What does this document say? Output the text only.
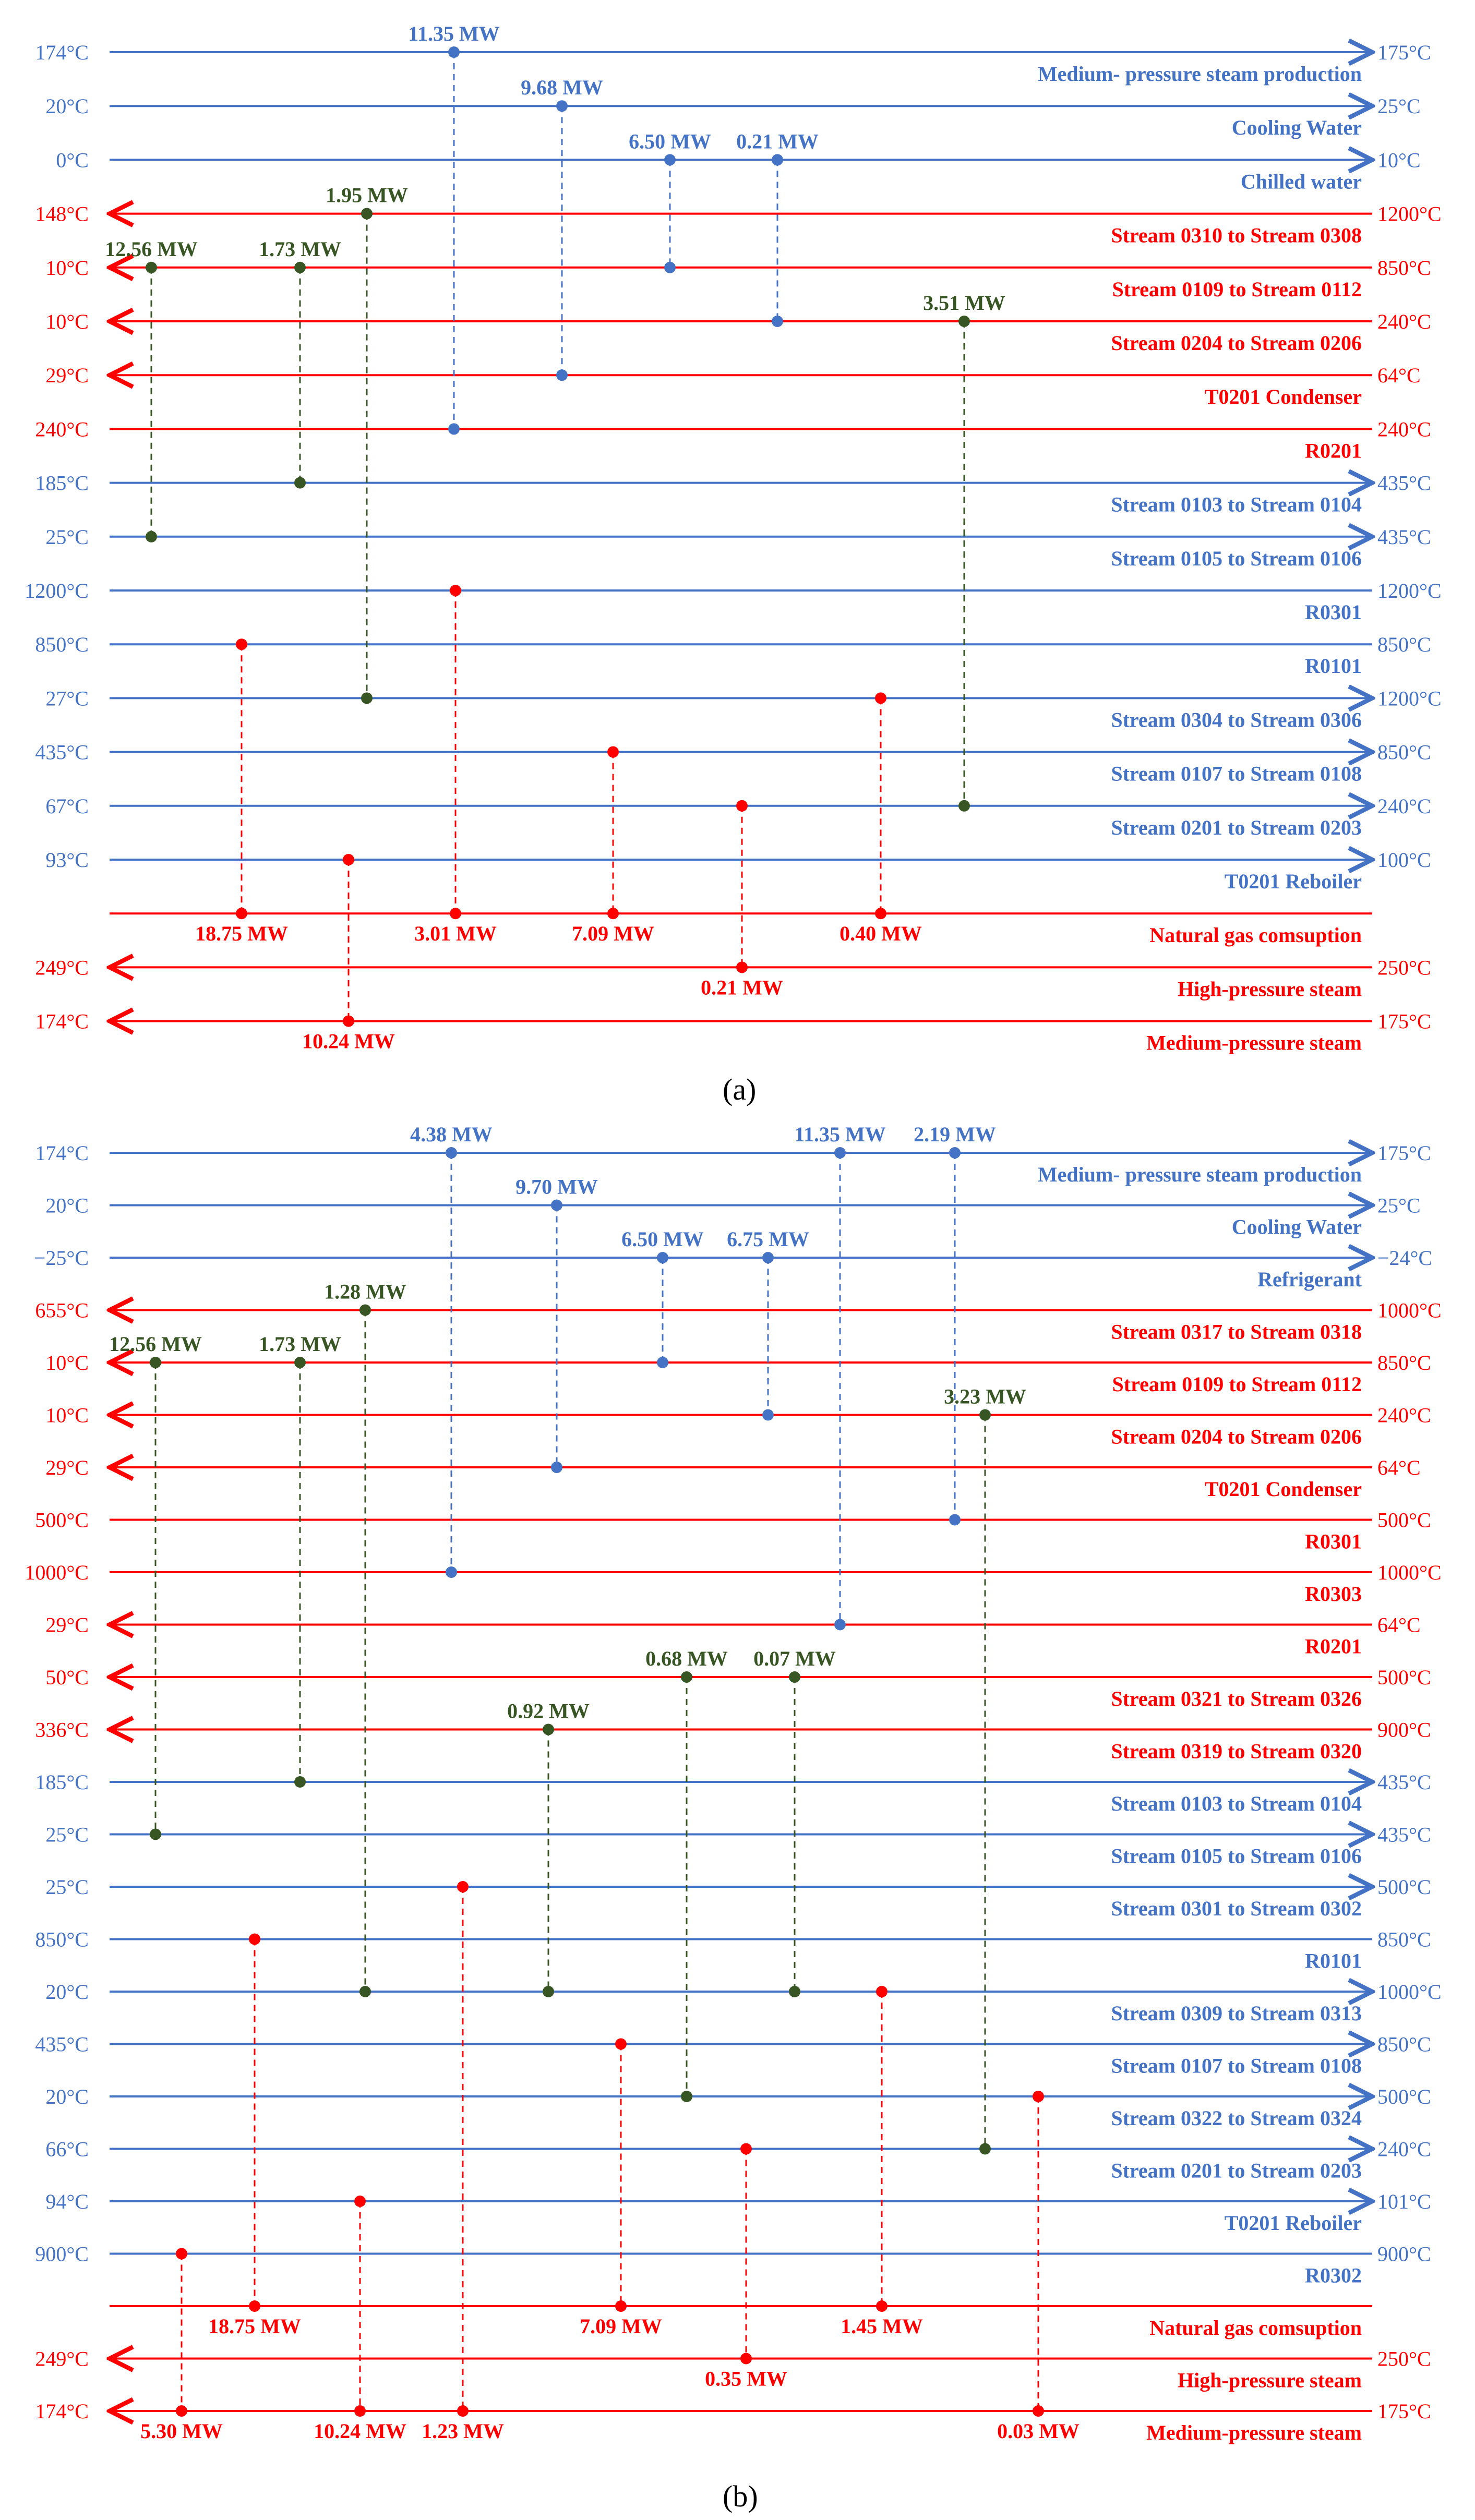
174°C	175°C
Medium- pressure steam production
20°C	25°C
Cooling Water
0°C	10°C
Chilled water
148°C	1200°C
Stream 0310 to Stream 0308
10°C	850°C
Stream 0109 to Stream 0112
10°C	240°C
Stream 0204 to Stream 0206
29°C	64°C
T0201 Condenser
240°C	240°C
R0201
185°C	435°C
Stream 0103 to Stream 0104
25°C	435°C
Stream 0105 to Stream 0106
1200°C	1200°C
R0301
850°C	850°C
R0101
27°C	1200°C
Stream 0304 to Stream 0306
435°C	850°C
Stream 0107 to Stream 0108
67°C	240°C
Stream 0201 to Stream 0203
93°C	100°C
T0201 Reboiler
Natural gas comsuption
249°C	250°C
High-pressure steam
174°C	175°C
Medium-pressure steam
11.35 MW
9.68 MW
6.50 MW 0.21 MW
1.95 MW
12.56 MW	1.73 MW
3.51 MW
18.75 MW
10.24 MW
3.01 MW	7.09 MW
0.21 MW
0.40 MW
174°C	175°C
Medium- pressure steam production
20°C	25°C
Cooling Water
−25°C	−24°C
Refrigerant
655°C	1000°C
Stream 0317 to Stream 0318
10°C	850°C
Stream 0109 to Stream 0112
10°C	240°C
Stream 0204 to Stream 0206
29°C	64°C
T0201 Condenser
500°C	500°C
R0301
1000°C	1000°C
R0303
29°C	64°C
R0201
50°C	500°C
Stream 0321 to Stream 0326
336°C	900°C
Stream 0319 to Stream 0320
185°C	435°C
Stream 0103 to Stream 0104
25°C	435°C
Stream 0105 to Stream 0106
25°C	500°C
Stream 0301 to Stream 0302
850°C	850°C
R0101
20°C	1000°C
Stream 0309 to Stream 0313
435°C	850°C
Stream 0107 to Stream 0108
20°C	500°C
Stream 0322 to Stream 0324
66°C	240°C
Stream 0201 to Stream 0203
94°C	101°C
T0201 Reboiler
900°C	900°C
R0302
Natural gas comsuption
249°C	250°C
High-pressure steam
174°C	175°C
Medium-pressure steam
4.38 MW
9.70 MW
6.50 MW 6.75 MW
11.35 MW 2.19 MW
1.28 MW
12.56 MW	1.73 MW
3.23 MW
0.68 MW 0.07 MW
0.92 MW
18.75 MW	7.09 MW	1.45 MW
0.35 MW
5.30 MW	10.24 MW 1.23 MW	0.03 MW
(a)
(b)
